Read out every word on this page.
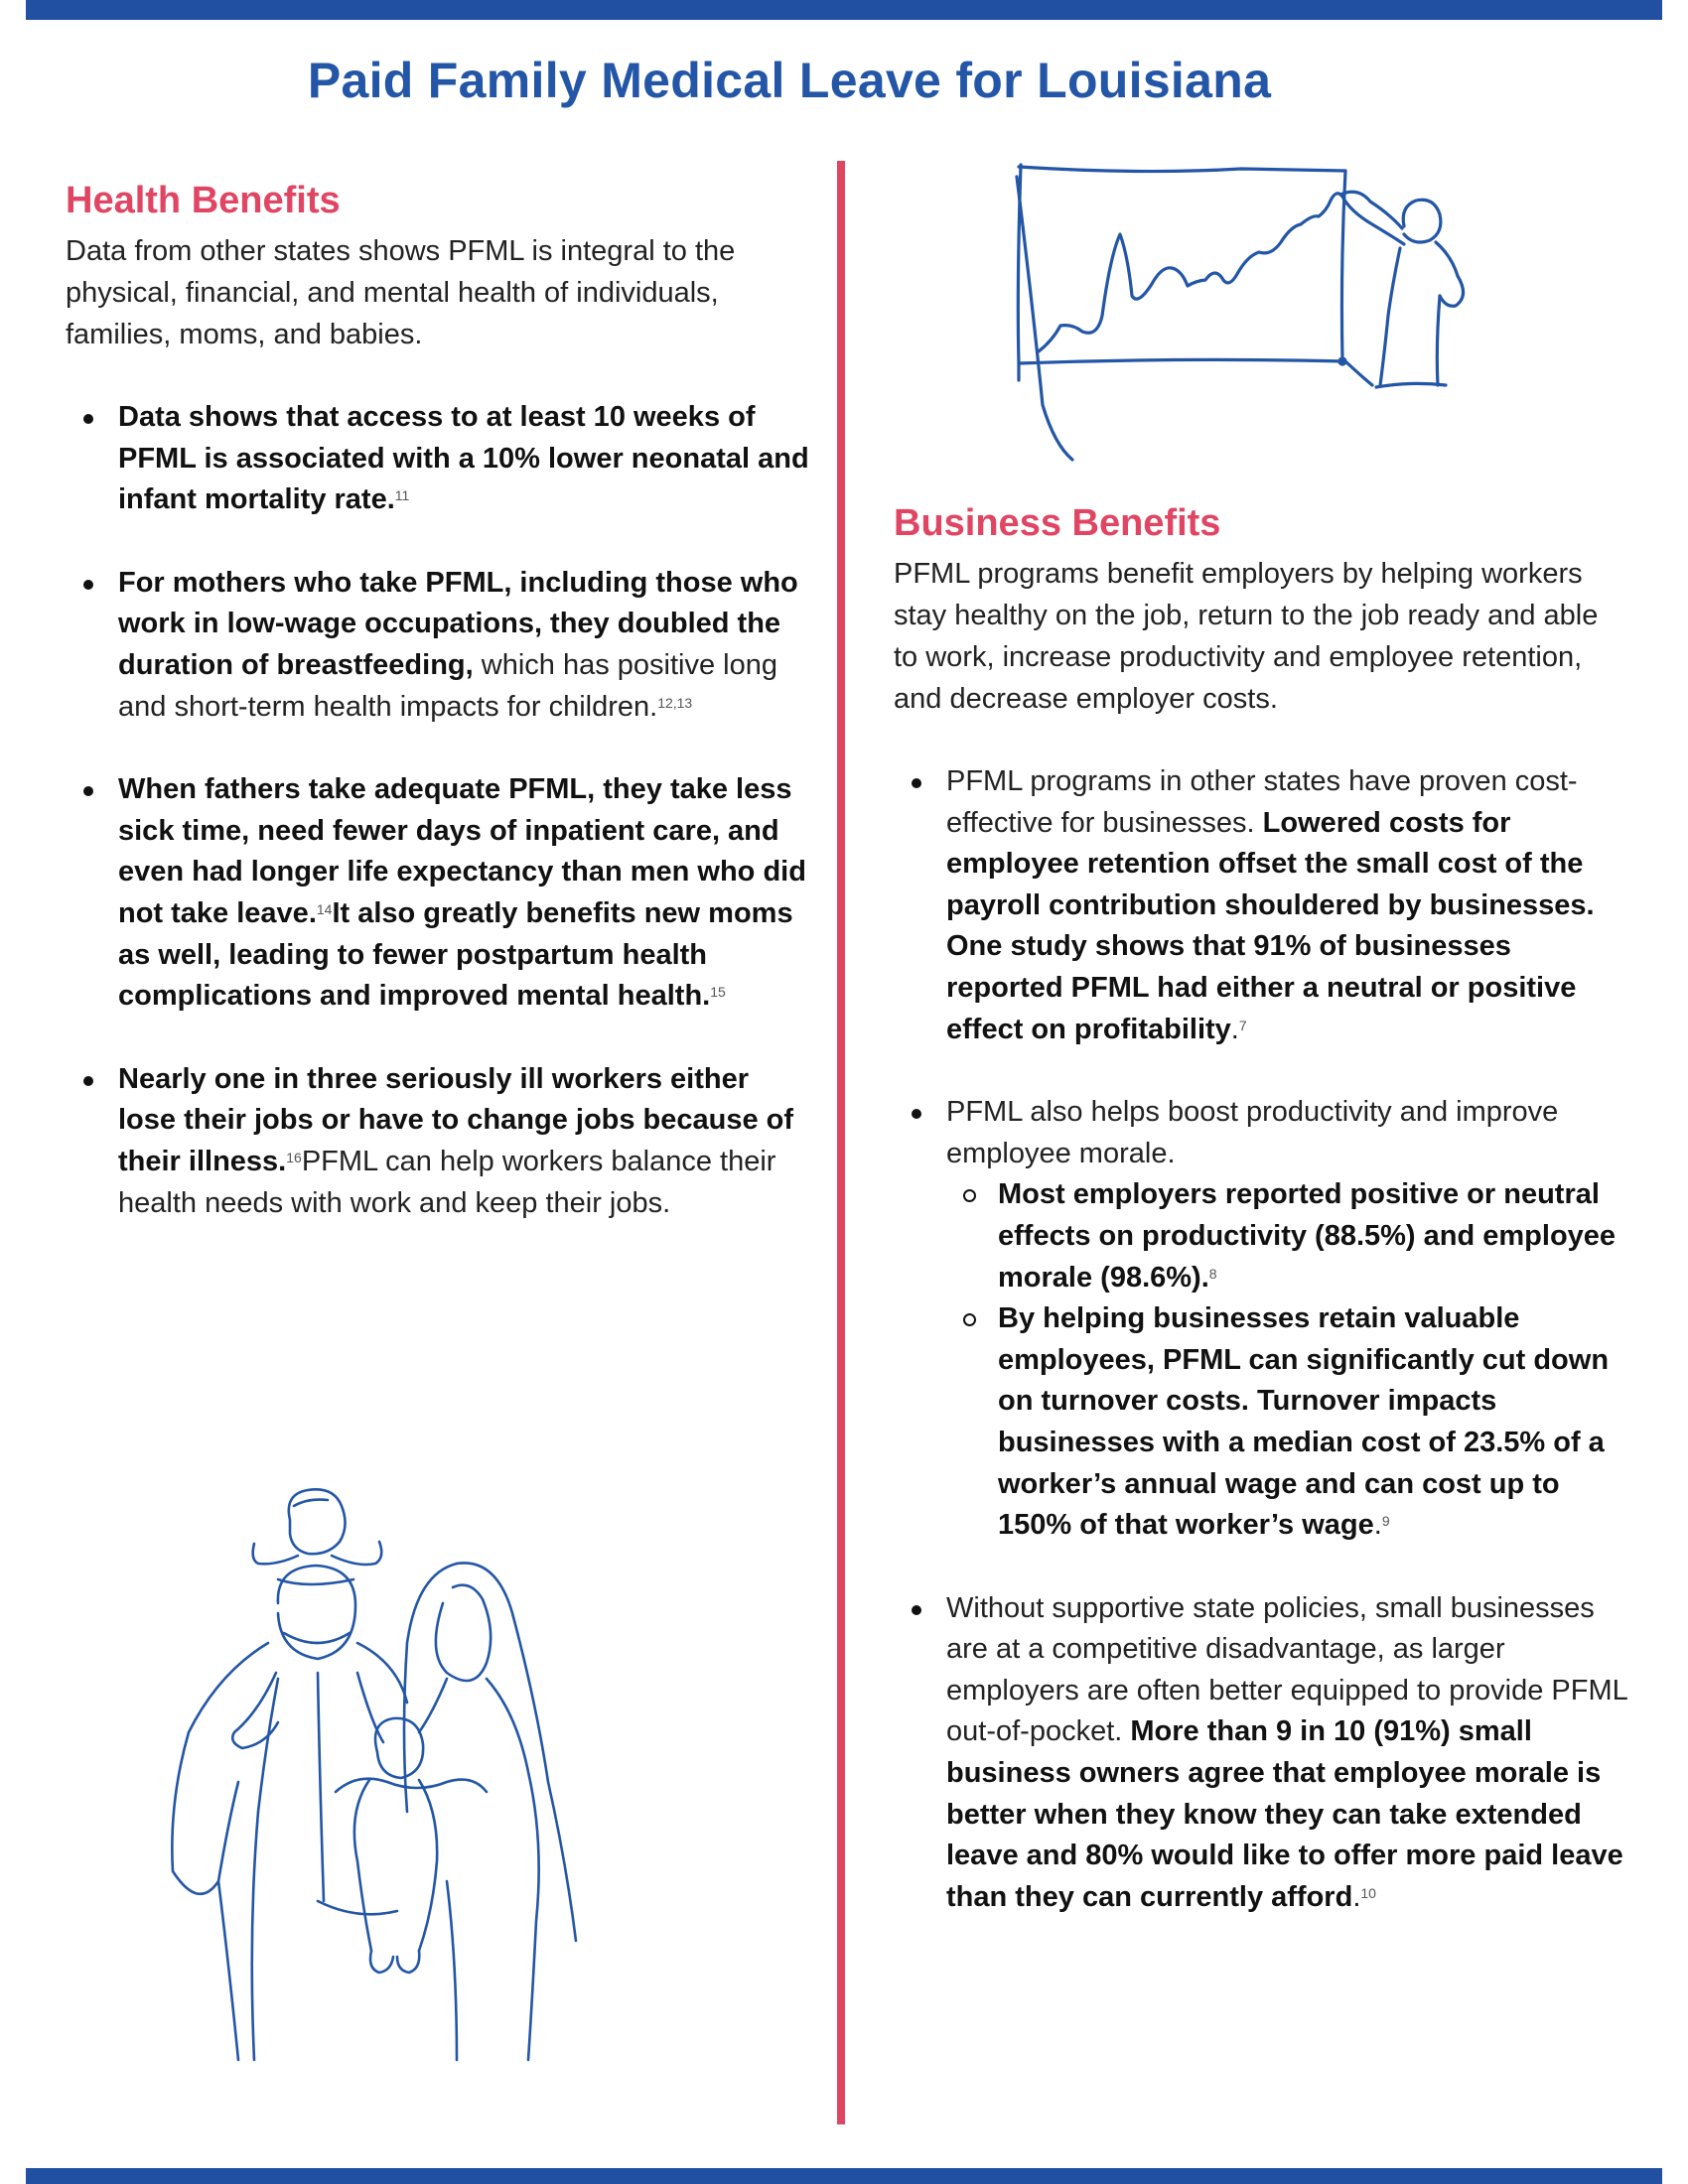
Paid Family Medical Leave for Louisiana
Health Benefits

Data from other states shows PFML is integral to the physical, financial, and mental health of individuals, families, moms, and babies.

Data shows that access to at least 10 weeks of PFML is associated with a 10% lower neonatal and infant mortality rate.$^{11}$
For mothers who take PFML, including those who work in low-wage occupations, they doubled the duration of breastfeeding, which has positive long and short-term health impacts for children.$^{12,13}$
When fathers take adequate PFML, they take less sick time, need fewer days of inpatient care, and even had longer life expectancy than men who did not take leave.$^{14}$It also greatly benefits new moms as well, leading to fewer postpartum health complications and improved mental health.$^{15}$
Nearly one in three seriously ill workers either lose their jobs or have to change jobs because of their illness.$^{16}$PFML can help workers balance their health needs with work and keep their jobs.
Business Benefits

PFML programs benefit employers by helping workers stay healthy on the job, return to the job ready and able to work, increase productivity and employee retention, and decrease employer costs.

PFML programs in other states have proven cost-effective for businesses. Lowered costs for employee retention offset the small cost of the payroll contribution shouldered by businesses. One study shows that 91% of businesses reported PFML had either a neutral or positive effect on profitability.$^7$
PFML also helps boost productivity and improve employee morale.
Most employers reported positive or neutral effects on productivity (88.5%) and employee morale (98.6%).$^8$
By helping businesses retain valuable employees, PFML can significantly cut down on turnover costs. Turnover impacts businesses with a median cost of 23.5% of a worker’s annual wage and can cost up to 150% of that worker’s wage.$^9$
Without supportive state policies, small businesses are at a competitive disadvantage, as larger employers are often better equipped to provide PFML out-of-pocket. More than 9 in 10 (91%) small business owners agree that employee morale is better when they know they can take extended leave and 80% would like to offer more paid leave than they can currently afford.$^{10}$
